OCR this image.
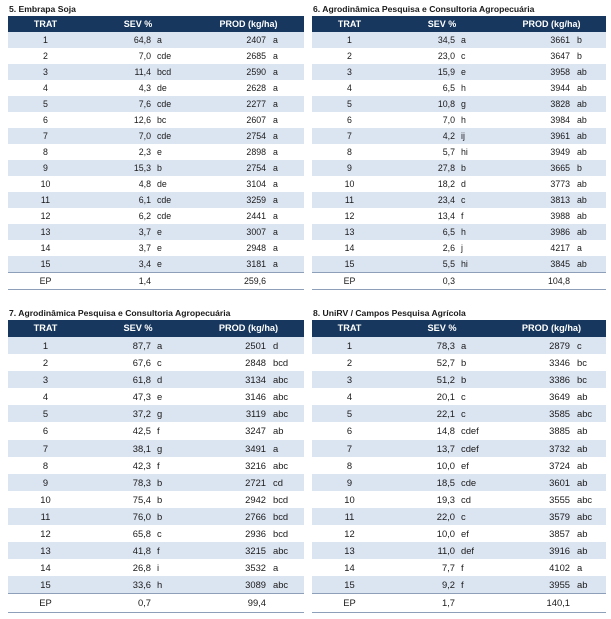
5. Embrapa Soja
TRAT	SEV %	PROD (kg/ha)
1	64,8 a	2407 a
2	7,0 cde	2685 a
3	11,4 bcd	2590 a
4	4,3 de	2628 a
5	7,6 cde	2277 a
6	12,6 bc	2607 a
7	7,0 cde	2754 a
8	2,3 e	2898 a
9	15,3 b	2754 a
10	4,8 de	3104 a
11	6,1 cde	3259 a
12	6,2 cde	2441 a
13	3,7 e	3007 a
14	3,7 e	2948 a
15	3,4 e	3181 a
EP	1,4	259,6
6. Agrodinâmica Pesquisa e Consultoria Agropecuária
TRAT	SEV %	PROD (kg/ha)
1	34,5 a	3661 b
2	23,0 c	3647 b
3	15,9 e	3958 ab
4	6,5 h	3944 ab
5	10,8 g	3828 ab
6	7,0 h	3984 ab
7	4,2 ij	3961 ab
8	5,7 hi	3949 ab
9	27,8 b	3665 b
10	18,2 d	3773 ab
11	23,4 c	3813 ab
12	13,4 f	3988 ab
13	6,5 h	3986 ab
14	2,6 j	4217 a
15	5,5 hi	3845 ab
EP	0,3	104,8
7. Agrodinâmica Pesquisa e Consultoria Agropecuária
TRAT	SEV %	PROD (kg/ha)
1	87,7 a	2501 d
2	67,6 c	2848 bcd
3	61,8 d	3134 abc
4	47,3 e	3146 abc
5	37,2 g	3119 abc
6	42,5 f	3247 ab
7	38,1 g	3491 a
8	42,3 f	3216 abc
9	78,3 b	2721 cd
10	75,4 b	2942 bcd
11	76,0 b	2766 bcd
12	65,8 c	2936 bcd
13	41,8 f	3215 abc
14	26,8 i	3532 a
15	33,6 h	3089 abc
EP	0,7	99,4
8. UniRV / Campos Pesquisa Agrícola
TRAT	SEV %	PROD (kg/ha)
1	78,3 a	2879 c
2	52,7 b	3346 bc
3	51,2 b	3386 bc
4	20,1 c	3649 ab
5	22,1 c	3585 abc
6	14,8 cdef	3885 ab
7	13,7 cdef	3732 ab
8	10,0 ef	3724 ab
9	18,5 cde	3601 ab
10	19,3 cd	3555 abc
11	22,0 c	3579 abc
12	10,0 ef	3857 ab
13	11,0 def	3916 ab
14	7,7 f	4102 a
15	9,2 f	3955 ab
EP	1,7	140,1
